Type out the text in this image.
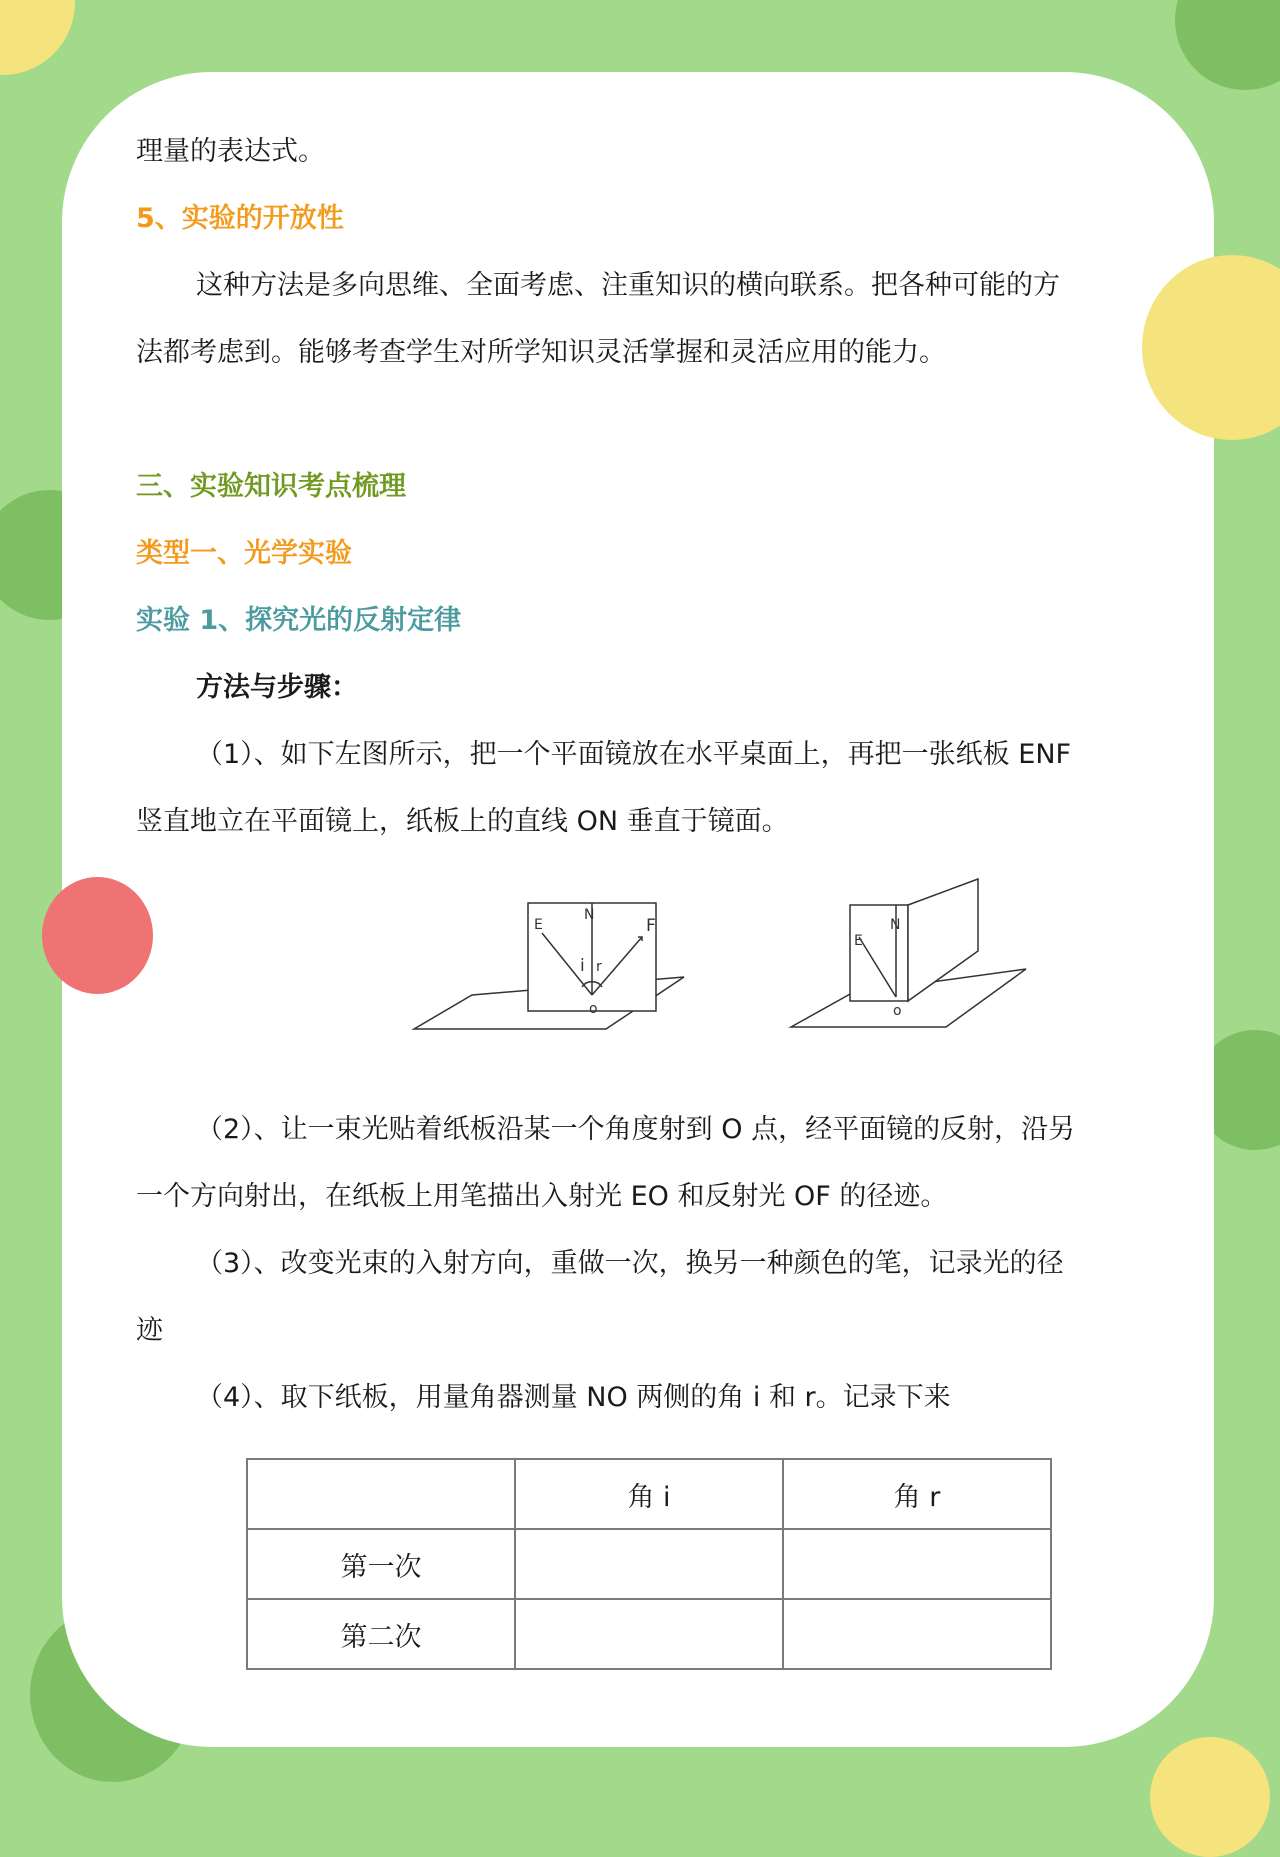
理量的表达式。
5、实验的开放性
这种方法是多向思维、全面考虑、注重知识的横向联系。把各种可能的方
法都考虑到。能够考查学生对所学知识灵活掌握和灵活应用的能力。
三、实验知识考点梳理
类型一、光学实验
实验 1、探究光的反射定律
方法与步骤：
（1）、如下左图所示，把一个平面镜放在水平桌面上，再把一张纸板 ENF
竖直地立在平面镜上，纸板上的直线 ON 垂直于镜面。
E
N
F
i r
o
E
N
o
（2）、让一束光贴着纸板沿某一个角度射到 O 点，经平面镜的反射，沿另
一个方向射出，在纸板上用笔描出入射光 EO 和反射光 OF 的径迹。
（3）、改变光束的入射方向，重做一次，换另一种颜色的笔，记录光的径
迹
（4）、取下纸板，用量角器测量 NO 两侧的角 i 和 r。记录下来
	角 i	角 r
第一次		
第二次		
